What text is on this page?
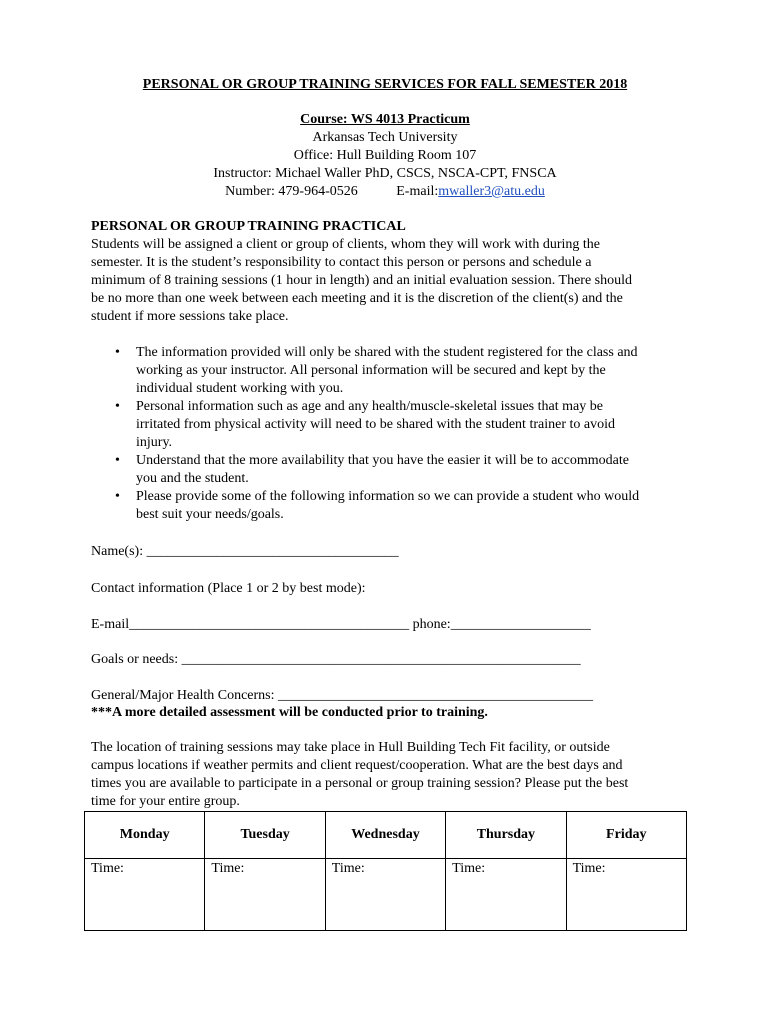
PERSONAL OR GROUP TRAINING SERVICES FOR FALL SEMESTER 2018
Course: WS 4013 Practicum
Arkansas Tech University
Office: Hull Building Room 107
Instructor: Michael Waller PhD, CSCS, NSCA-CPT, FNSCA
Number: 479-964-0526	E-mail:mwaller3@atu.edu
PERSONAL OR GROUP TRAINING PRACTICAL
Students will be assigned a client or group of clients, whom they will work with during the
semester. It is the student’s responsibility to contact this person or persons and schedule a
minimum of 8 training sessions (1 hour in length) and an initial evaluation session. There should
be no more than one week between each meeting and it is the discretion of the client(s) and the
student if more sessions take place.
• The information provided will only be shared with the student registered for the class and
working as your instructor. All personal information will be secured and kept by the
individual student working with you.
• Personal information such as age and any health/muscle-skeletal issues that may be
irritated from physical activity will need to be shared with the student trainer to avoid
injury.
• Understand that the more availability that you have the easier it will be to accommodate
you and the student.
• Please provide some of the following information so we can provide a student who would
best suit your needs/goals.
Name(s): ____________________________________
Contact information (Place 1 or 2 by best mode):
E-mail________________________________________ phone:____________________
Goals or needs: _________________________________________________________
General/Major Health Concerns: _____________________________________________
***A more detailed assessment will be conducted prior to training.
The location of training sessions may take place in Hull Building Tech Fit facility, or outside
campus locations if weather permits and client request/cooperation. What are the best days and
times you are available to participate in a personal or group training session? Please put the best
time for your entire group.
Monday	Tuesday	Wednesday	Thursday	Friday
Time:	Time:	Time:	Time:	Time:
